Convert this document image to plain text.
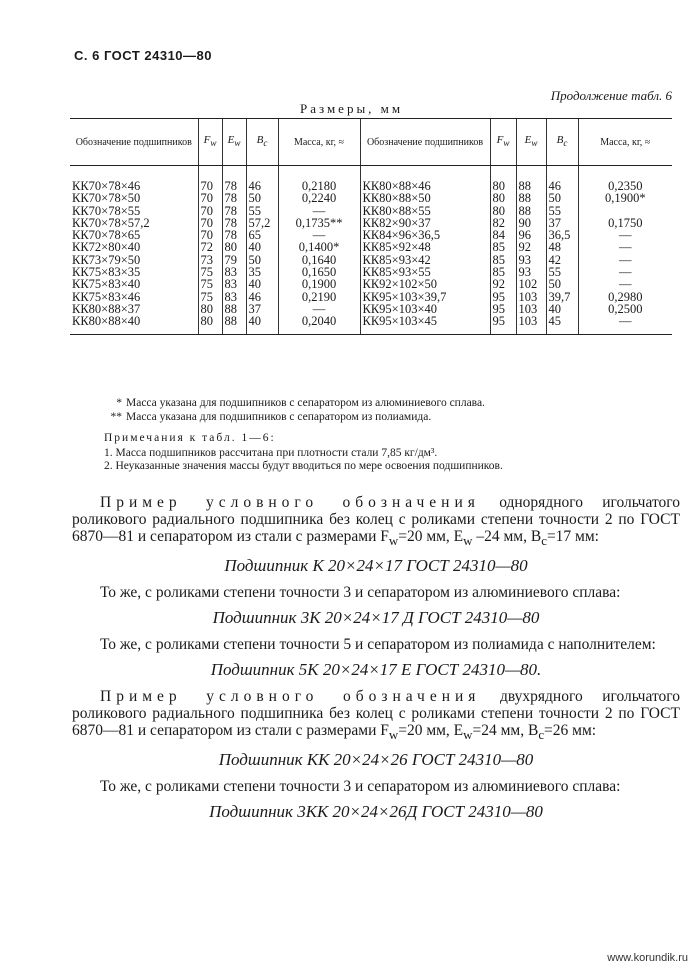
С. 6 ГОСТ 24310—80
Продолжение табл. 6
Размеры, мм
Обозначение подшипников	$F_w$	$E_w$	$B_c$	Масса, кг, ≈	Обозначение подшипников	$F_w$	$E_w$	$B_c$	Масса, кг, ≈
КК70×78×46	70	78	46	0,2180	КК80×88×46	80	88	46	0,2350
КК70×78×50	70	78	50	0,2240	КК80×88×50	80	88	50	0,1900*
КК70×78×55	70	78	55	—	КК80×88×55	80	88	55	
КК70×78×57,2	70	78	57,2	0,1735**	КК82×90×37	82	90	37	0,1750
КК70×78×65	70	78	65	—	КК84×96×36,5	84	96	36,5	—
КК72×80×40	72	80	40	0,1400*	КК85×92×48	85	92	48	—
КК73×79×50	73	79	50	0,1640	КК85×93×42	85	93	42	—
КК75×83×35	75	83	35	0,1650	КК85×93×55	85	93	55	—
КК75×83×40	75	83	40	0,1900	КК92×102×50	92	102	50	—
КК75×83×46	75	83	46	0,2190	КК95×103×39,7	95	103	39,7	0,2980
КК80×88×37	80	88	37	—	КК95×103×40	95	103	40	0,2500
КК80×88×40	80	88	40	0,2040	КК95×103×45	95	103	45	—

* Масса указана для подшипников с сепаратором из алюминиевого сплава.

** Масса указана для подшипников с сепаратором из полиамида.

Примечания к табл. 1—6:

1. Масса подшипников рассчитана при плотности стали 7,85 кг/дм³.

2. Неуказанные значения массы будут вводиться по мере освоения подшипников.

Пример условного обозначения однорядного игольчатого роликового радиального подшипника без колец с роликами степени точности 2 по ГОСТ 6870—81 и сепаратором из стали с размерами $F_w=20$ мм, $E_w$ –24 мм, $B_c=17$ мм:

Подшипник К 20×24×17 ГОСТ 24310—80

То же, с роликами степени точности 3 и сепаратором из алюминиевого сплава:

Подшипник 3К 20×24×17 Д ГОСТ 24310—80

То же, с роликами степени точности 5 и сепаратором из полиамида с наполнителем:

Подшипник 5К 20×24×17 Е ГОСТ 24310—80.

Пример условного обозначения двухрядного игольчатого роликового радиального подшипника без колец с роликами степени точности 2 по ГОСТ 6870—81 и сепаратором из стали с размерами $F_w=20$ мм, $E_w=24$ мм, $B_c=26$ мм:

Подшипник КК 20×24×26 ГОСТ 24310—80

То же, с роликами степени точности 3 и сепаратором из алюминиевого сплава:

Подшипник 3КК 20×24×26Д ГОСТ 24310—80

www.korundik.ru
